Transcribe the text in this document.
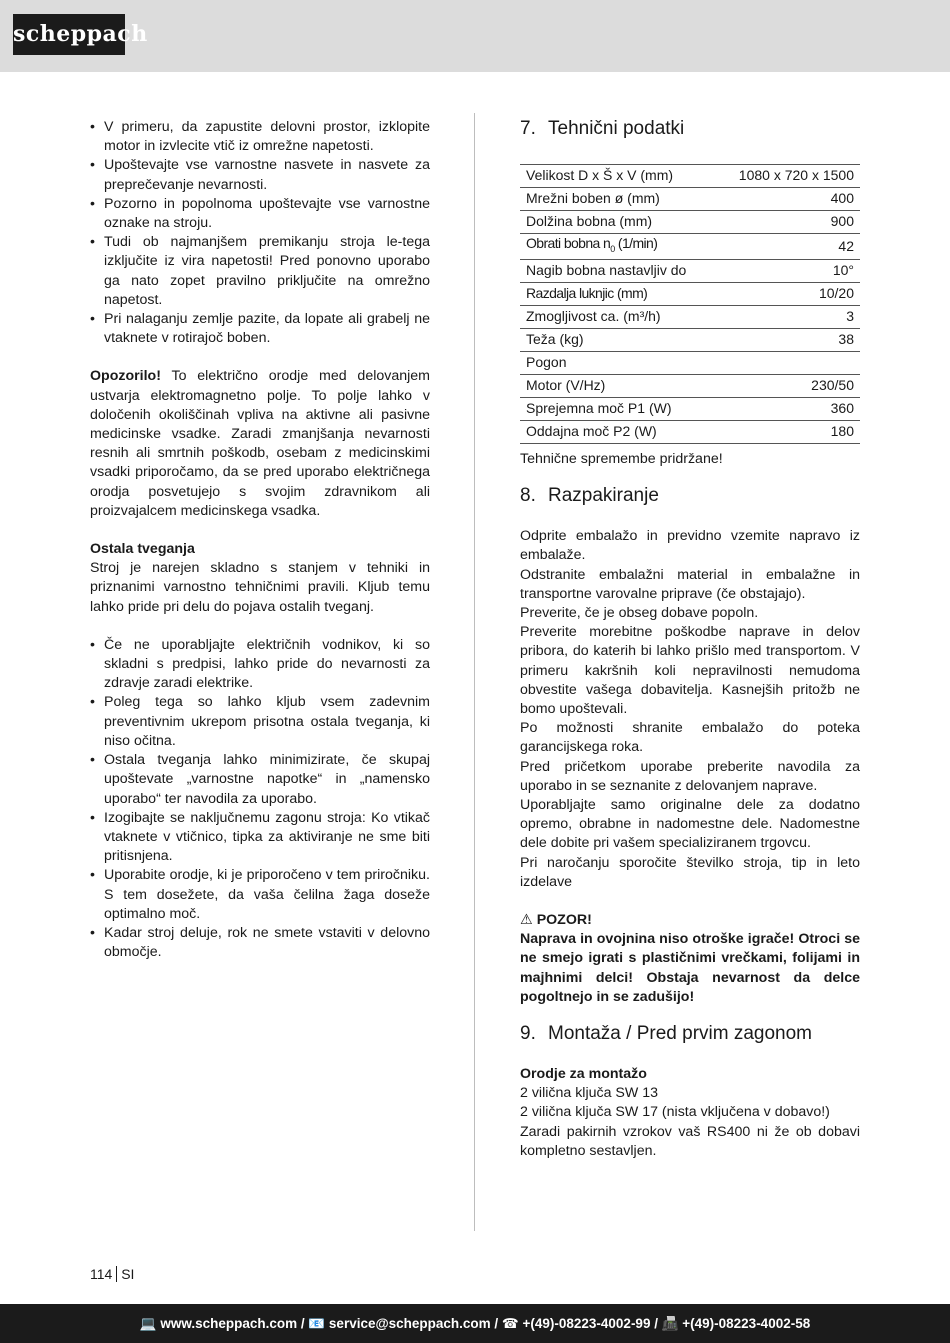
scheppach
• V primeru, da zapustite delovni prostor, izklopite motor in izvlecite vtič iz omrežne napetosti.
• Upoštevajte vse varnostne nasvete in nasvete za preprečevanje nevarnosti.
• Pozorno in popolnoma upoštevajte vse varnostne oznake na stroju.
• Tudi ob najmanjšem premikanju stroja le-tega izključite iz vira napetosti! Pred ponovno uporabo ga nato zopet pravilno priključite na omrežno napetost.
• Pri nalaganju zemlje pazite, da lopate ali grabelj ne vtaknete v rotirajoč boben.

Opozorilo! To električno orodje med delovanjem ustvarja elektromagnetno polje. To polje lahko v določenih okoliščinah vpliva na aktivne ali pasivne medicinske vsadke. Zaradi zmanjšanja nevarnosti resnih ali smrtnih poškodb, osebam z medicinskimi vsadki priporočamo, da se pred uporabo električnega orodja posvetujejo s svojim zdravnikom ali proizvajalcem medicinskega vsadka.

Ostala tveganja

Stroj je narejen skladno s stanjem v tehniki in priznanimi varnostno tehničnimi pravili. Kljub temu lahko pride pri delu do pojava ostalih tveganj.

• Če ne uporabljajte električnih vodnikov, ki so skladni s predpisi, lahko pride do nevarnosti za zdravje zaradi elektrike.
• Poleg tega so lahko kljub vsem zadevnim preventivnim ukrepom prisotna ostala tveganja, ki niso očitna.
• Ostala tveganja lahko minimizirate, če skupaj upoštevate „varnostne napotke“ in „namensko uporabo“ ter navodila za uporabo.
• Izogibajte se naključnemu zagonu stroja: Ko vtikač vtaknete v vtičnico, tipka za aktiviranje ne sme biti pritisnjena.
• Uporabite orodje, ki je priporočeno v tem priročniku. S tem dosežete, da vaša čelilna žaga doseže optimalno moč.
• Kadar stroj deluje, rok ne smete vstaviti v delovno območje.
7. Tehnični podatki
Velikost D x Š x V (mm)	1080 x 720 x 1500
Mrežni boben ø (mm)	400
Dolžina bobna (mm)	900
Obrati bobna $n_0$ (1/min)	42
Nagib bobna nastavljiv do	10°
Razdalja luknjic (mm)	10/20
Zmogljivost ca. (m³/h)	3
Teža (kg)	38
Pogon	
Motor (V/Hz)	230/50
Sprejemna moč P1 (W)	360
Oddajna moč P2 (W)	180

Tehnične spremembe pridržane!

8. Razpakiranje

Odprite embalažo in previdno vzemite napravo iz embalaže.

Odstranite embalažni material in embalažne in transportne varovalne priprave (če obstajajo).

Preverite, če je obseg dobave popoln.

Preverite morebitne poškodbe naprave in delov pribora, do katerih bi lahko prišlo med transportom. V primeru kakršnih koli nepravilnosti nemudoma obvestite vašega dobavitelja. Kasnejših pritožb ne bomo upoštevali.

Po možnosti shranite embalažo do poteka garancijskega roka.

Pred pričetkom uporabe preberite navodila za uporabo in se seznanite z delovanjem naprave.

Uporabljajte samo originalne dele za dodatno opremo, obrabne in nadomestne dele. Nadomestne dele dobite pri vašem specializiranem trgovcu.

Pri naročanju sporočite številko stroja, tip in leto izdelave

⚠ POZOR!

Naprava in ovojnina niso otroške igrače! Otroci se ne smejo igrati s plastičnimi vrečkami, folijami in majhnimi delci! Obstaja nevarnost da delce pogoltnejo in se zadušijo!

9. Montaža / Pred prvim zagonom

Orodje za montažo

2 vilična ključa SW 13

2 vilična ključa SW 17 (nista vključena v dobavo!)

Zaradi pakirnih vzrokov vaš RS400 ni že ob dobavi kompletno sestavljen.

114 SI
💻 www.scheppach.com / 📧 service@scheppach.com / ☎ +(49)-08223-4002-99 / 📠 +(49)-08223-4002-58
